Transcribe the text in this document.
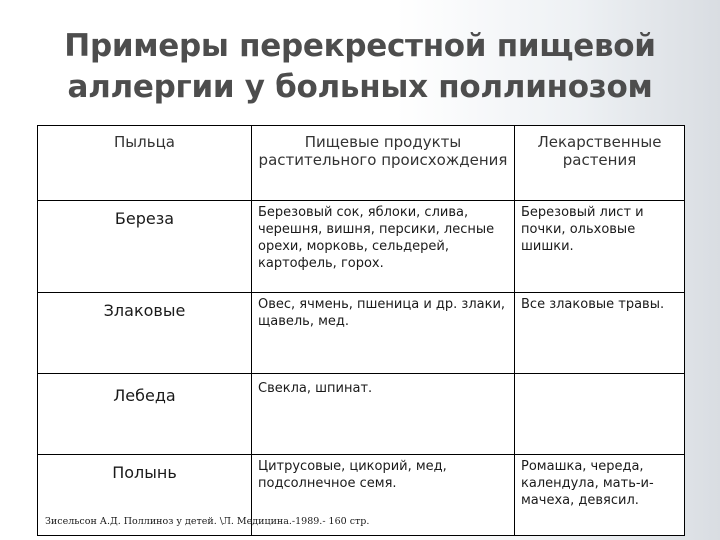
Примеры перекрестной пищевой
аллергии у больных поллинозом
Пыльца	Пищевые продукты растительного происхождения	Лекарственные растения
Береза	Березовый сок, яблоки, слива, черешня, вишня, персики, лесные орехи, морковь, сельдерей, картофель, горох.	Березовый лист и почки, ольховые шишки.
Злаковые	Овес, ячмень, пшеница и др. злаки, щавель, мед.	Все злаковые травы.
Лебеда	Свекла, шпинат.	
Полынь	Цитрусовые, цикорий, мед, подсолнечное семя.	Ромашка, череда, календула, мать-и-мачеха, девясил.
Зисельсон А.Д. Поллиноз у детей. \Л. Медицина.-1989.- 160 стр.
